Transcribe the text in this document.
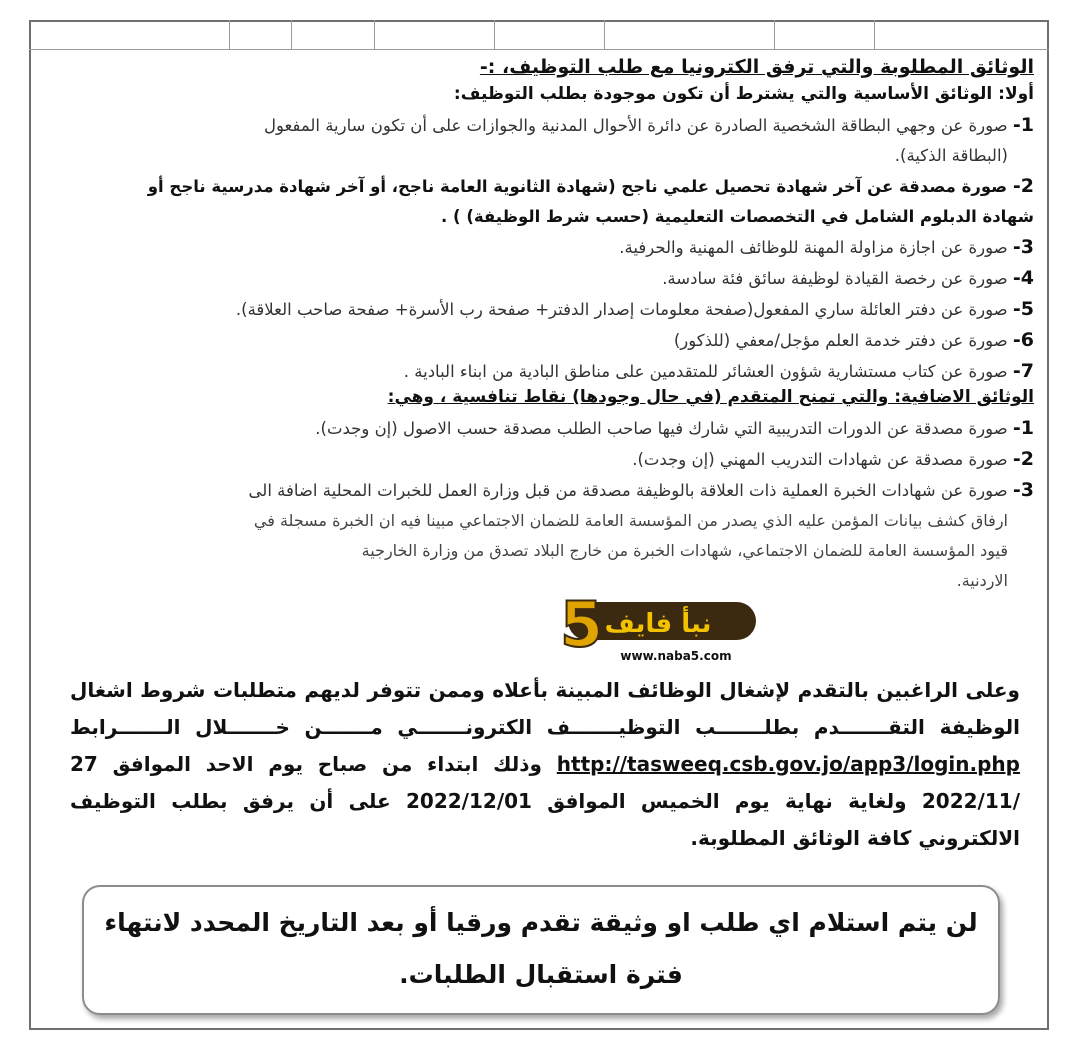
الوثائق المطلوبة والتي ترفق الكترونيا مع طلب التوظيف، :-
أولا: الوثائق الأساسية والتي يشترط أن تكون موجودة بطلب التوظيف:
1- صورة عن وجهي البطاقة الشخصية الصادرة عن دائرة الأحوال المدنية والجوازات على أن تكون سارية المفعول
(البطاقة الذكية).
2- صورة مصدقة عن آخر شهادة تحصيل علمي ناجح (شهادة الثانوية العامة ناجح، أو آخر شهادة مدرسية ناجح أو
شهادة الدبلوم الشامل في التخصصات التعليمية (حسب شرط الوظيفة) ) .
3- صورة عن اجازة مزاولة المهنة للوظائف المهنية والحرفية.
4- صورة عن رخصة القيادة لوظيفة سائق فئة سادسة.
5- صورة عن دفتر العائلة ساري المفعول(صفحة معلومات إصدار الدفتر+ صفحة رب الأسرة+ صفحة صاحب العلاقة).
6- صورة عن دفتر خدمة العلم مؤجل/معفي (للذكور)
7- صورة عن كتاب مستشارية شؤون العشائر للمتقدمين على مناطق البادية من ابناء البادية .
الوثائق الاضافية: والتي تمنح المتقدم (في حال وجودها) نقاط تنافسية ، وهي:
1- صورة مصدقة عن الدورات التدريبية التي شارك فيها صاحب الطلب مصدقة حسب الاصول (إن وجدت).
2- صورة مصدقة عن شهادات التدريب المهني (إن وجدت).
3- صورة عن شهادات الخبرة العملية ذات العلاقة بالوظيفة مصدقة من قبل وزارة العمل للخبرات المحلية اضافة الى
ارفاق كشف بيانات المؤمن عليه الذي يصدر من المؤسسة العامة للضمان الاجتماعي مبينا فيه ان الخبرة مسجلة في
قيود المؤسسة العامة للضمان الاجتماعي، شهادات الخبرة من خارج البلاد تصدق من وزارة الخارجية
الاردنية.
نبأ فايف
5 www.naba5.com
وعلى الراغبين بالتقدم لإشغال الوظائف المبينة بأعلاه وممن تتوفر لديهم متطلبات شروط اشغال الوظيفة التقـــــــدم بطلـــــــب التوظيـــــــف الكترونـــــــي مـــــــن خـــــــلال الـــــــرابط http://tasweeq.csb.gov.jo/app3/login.php وذلك ابتداء من صباح يوم الاحد الموافق 27 /2022/11 ولغاية نهاية يوم الخميس الموافق 2022/12/01 على أن يرفق بطلب التوظيف الالكتروني كافة الوثائق المطلوبة.
لن يتم استلام اي طلب او وثيقة تقدم ورقيا أو بعد التاريخ المحدد لانتهاء فترة استقبال الطلبات.
